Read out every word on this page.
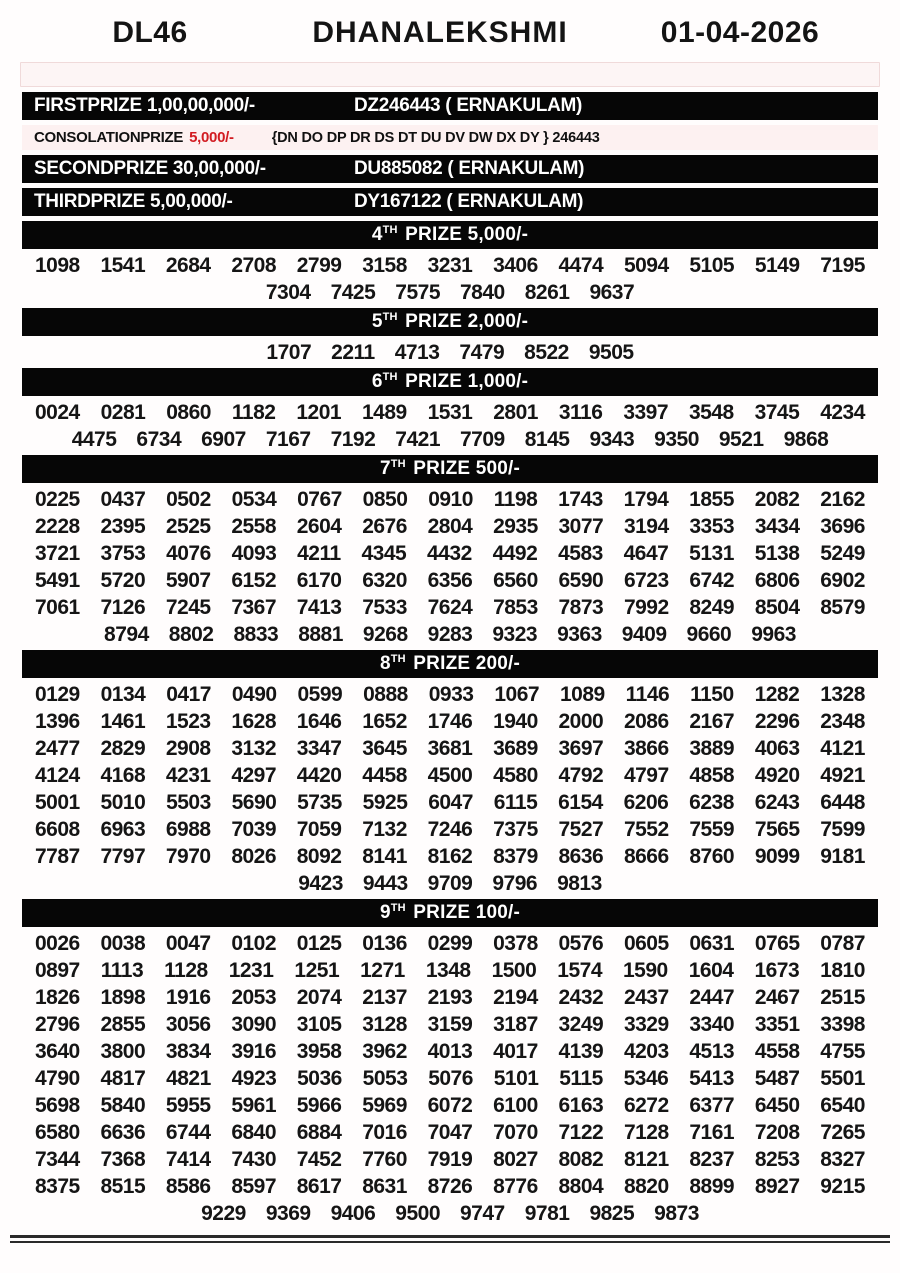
DL46	DHANALEKSHMI	01-04-2026
FIRSTPRIZE 1,00,00,000/-	DZ246443 ( ERNAKULAM)
CONSOLATIONPRIZE 5,000/-	{DN DO DP DR DS DT DU DV DW DX DY } 246443
SECONDPRIZE 30,00,000/-	DU885082 ( ERNAKULAM)
THIRDPRIZE 5,00,000/-	DY167122 ( ERNAKULAM)
4TH PRIZE 5,000/-
1098 1541 2684 2708 2799 3158 3231 3406 4474 5094 5105 5149 7195
7304 7425 7575 7840 8261 9637
5TH PRIZE 2,000/-
1707 2211 4713 7479 8522 9505
6TH PRIZE 1,000/-
0024 0281 0860 1182 1201 1489 1531 2801 3116 3397 3548 3745 4234
4475 6734 6907 7167 7192 7421 7709 8145 9343 9350 9521 9868
7TH PRIZE 500/-
0225 0437 0502 0534 0767 0850 0910 1198 1743 1794 1855 2082 2162
2228 2395 2525 2558 2604 2676 2804 2935 3077 3194 3353 3434 3696
3721 3753 4076 4093 4211 4345 4432 4492 4583 4647 5131 5138 5249
5491 5720 5907 6152 6170 6320 6356 6560 6590 6723 6742 6806 6902
7061 7126 7245 7367 7413 7533 7624 7853 7873 7992 8249 8504 8579
8794 8802 8833 8881 9268 9283 9323 9363 9409 9660 9963
8TH PRIZE 200/-
0129 0134 0417 0490 0599 0888 0933 1067 1089 1146 1150 1282 1328
1396 1461 1523 1628 1646 1652 1746 1940 2000 2086 2167 2296 2348
2477 2829 2908 3132 3347 3645 3681 3689 3697 3866 3889 4063 4121
4124 4168 4231 4297 4420 4458 4500 4580 4792 4797 4858 4920 4921
5001 5010 5503 5690 5735 5925 6047 6115 6154 6206 6238 6243 6448
6608 6963 6988 7039 7059 7132 7246 7375 7527 7552 7559 7565 7599
7787 7797 7970 8026 8092 8141 8162 8379 8636 8666 8760 9099 9181
9423 9443 9709 9796 9813
9TH PRIZE 100/-
0026 0038 0047 0102 0125 0136 0299 0378 0576 0605 0631 0765 0787
0897 1113 1128 1231 1251 1271 1348 1500 1574 1590 1604 1673 1810
1826 1898 1916 2053 2074 2137 2193 2194 2432 2437 2447 2467 2515
2796 2855 3056 3090 3105 3128 3159 3187 3249 3329 3340 3351 3398
3640 3800 3834 3916 3958 3962 4013 4017 4139 4203 4513 4558 4755
4790 4817 4821 4923 5036 5053 5076 5101 5115 5346 5413 5487 5501
5698 5840 5955 5961 5966 5969 6072 6100 6163 6272 6377 6450 6540
6580 6636 6744 6840 6884 7016 7047 7070 7122 7128 7161 7208 7265
7344 7368 7414 7430 7452 7760 7919 8027 8082 8121 8237 8253 8327
8375 8515 8586 8597 8617 8631 8726 8776 8804 8820 8899 8927 9215
9229 9369 9406 9500 9747 9781 9825 9873
